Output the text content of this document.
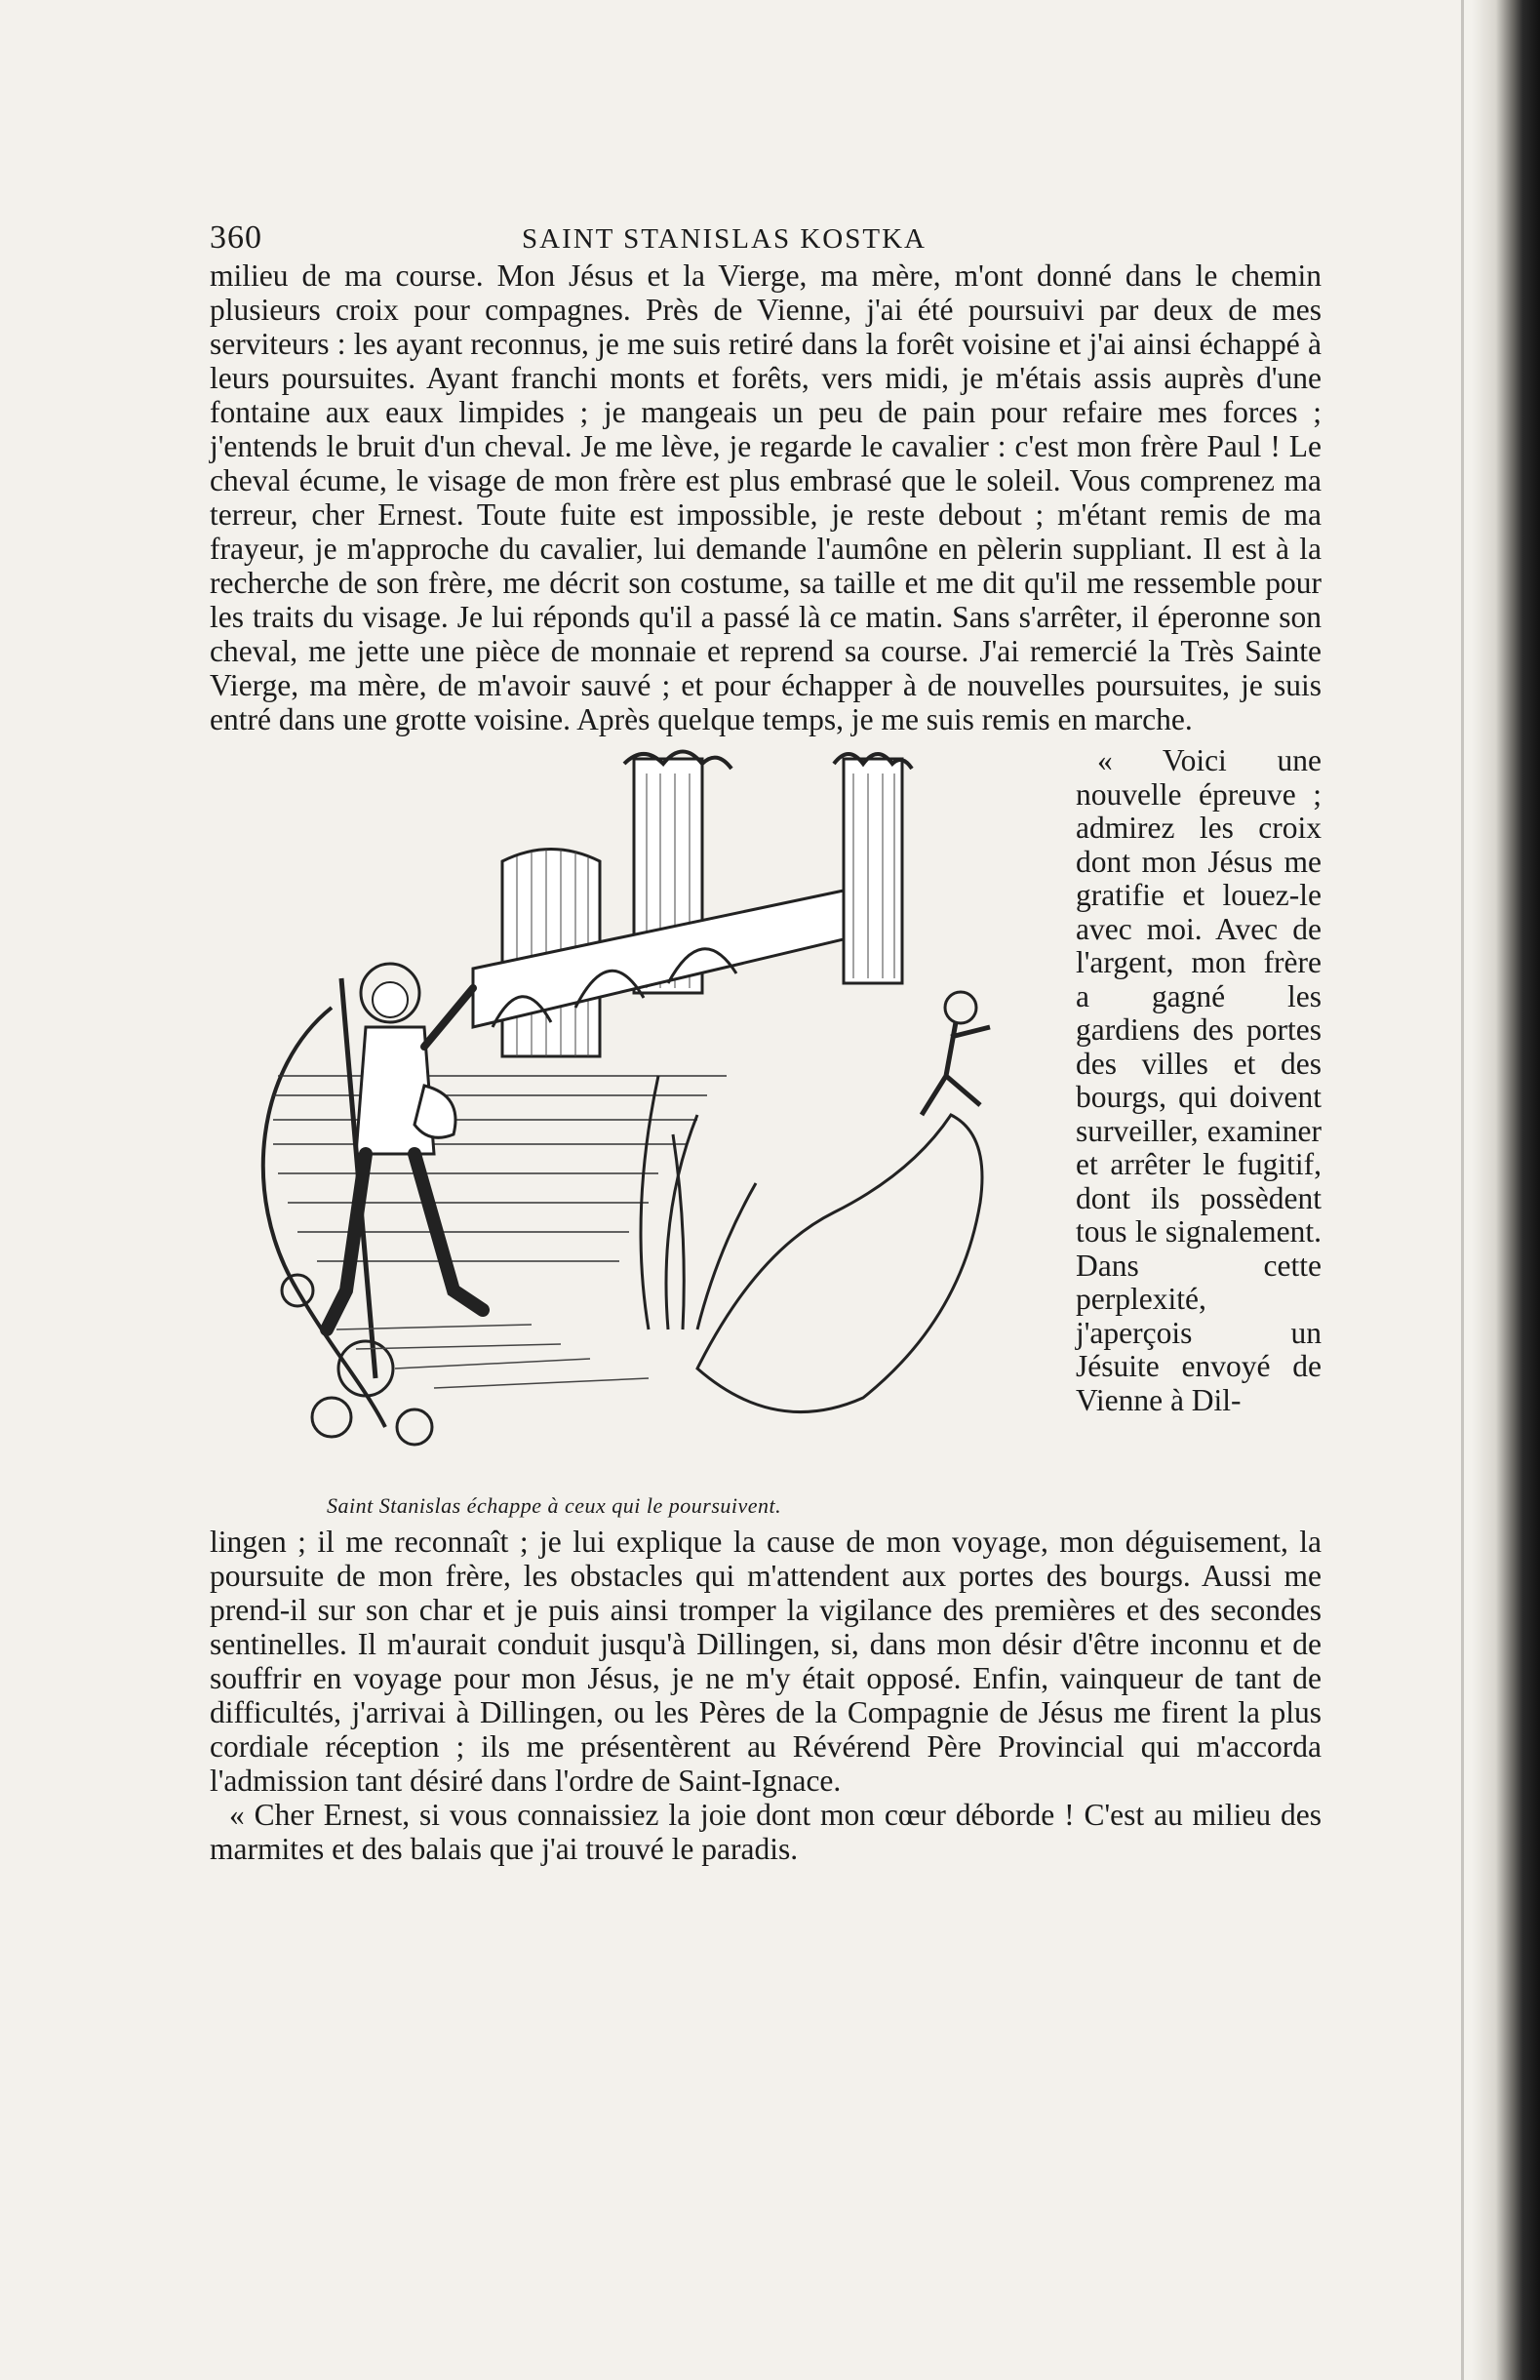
360	SAINT STANISLAS KOSTKA

milieu de ma course. Mon Jésus et la Vierge, ma mère, m'ont donné dans le chemin plusieurs croix pour compagnes. Près de Vienne, j'ai été poursuivi par deux de mes serviteurs : les ayant reconnus, je me suis retiré dans la forêt voisine et j'ai ainsi échappé à leurs poursuites. Ayant franchi monts et forêts, vers midi, je m'étais assis auprès d'une fontaine aux eaux limpides ; je mangeais un peu de pain pour refaire mes forces ; j'entends le bruit d'un cheval. Je me lève, je regarde le cavalier : c'est mon frère Paul ! Le cheval écume, le visage de mon frère est plus embrasé que le soleil. Vous comprenez ma terreur, cher Ernest. Toute fuite est impossible, je reste debout ; m'étant remis de ma frayeur, je m'approche du cavalier, lui demande l'aumône en pèlerin suppliant. Il est à la recherche de son frère, me décrit son costume, sa taille et me dit qu'il me ressemble pour les traits du visage. Je lui réponds qu'il a passé là ce matin. Sans s'arrêter, il éperonne son cheval, me jette une pièce de monnaie et reprend sa course. J'ai remercié la Très Sainte Vierge, ma mère, de m'avoir sauvé ; et pour échapper à de nouvelles poursuites, je suis entré dans une grotte voisine. Après quelque temps, je me suis remis en marche.

Saint Stanislas échappe à ceux qui le poursuivent.

« Voici une nouvelle épreuve ; admirez les croix dont mon Jésus me gratifie et louez-le avec moi. Avec de l'argent, mon frère a gagné les gardiens des portes des villes et des bourgs, qui doivent surveiller, examiner et arrêter le fugitif, dont ils possèdent tous le signalement. Dans cette perplexité, j'aperçois un Jésuite envoyé de Vienne à Dil-

lingen ; il me reconnaît ; je lui explique la cause de mon voyage, mon déguisement, la poursuite de mon frère, les obstacles qui m'attendent aux portes des bourgs. Aussi me prend-il sur son char et je puis ainsi tromper la vigilance des premières et des secondes sentinelles. Il m'aurait conduit jusqu'à Dillingen, si, dans mon désir d'être inconnu et de souffrir en voyage pour mon Jésus, je ne m'y était opposé. Enfin, vainqueur de tant de difficultés, j'arrivai à Dillingen, ou les Pères de la Compagnie de Jésus me firent la plus cordiale réception ; ils me présentèrent au Révérend Père Provincial qui m'accorda l'admission tant désiré dans l'ordre de Saint-Ignace.

« Cher Ernest, si vous connaissiez la joie dont mon cœur déborde ! C'est au milieu des marmites et des balais que j'ai trouvé le paradis.
